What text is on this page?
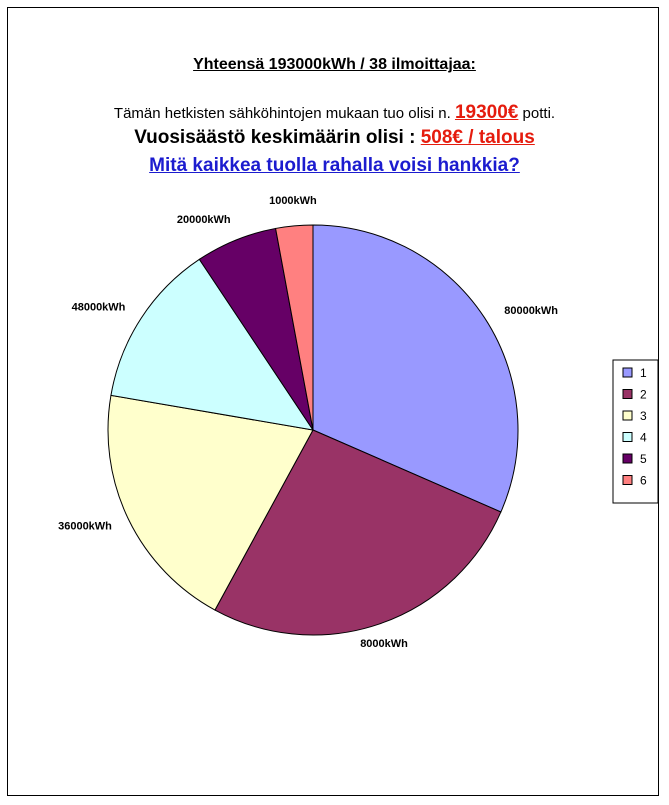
Yhteensä 193000kWh / 38 ilmoittajaa:
Tämän hetkisten sähköhintojen mukaan tuo olisi n. 19300€ potti.
Vuosisäästö keskimäärin olisi : 508€ / talous
Mitä kaikkea tuolla rahalla voisi hankkia?
80000kWh
8000kWh
36000kWh
48000kWh
20000kWh
1000kWh
1
2
3
4
5
6
